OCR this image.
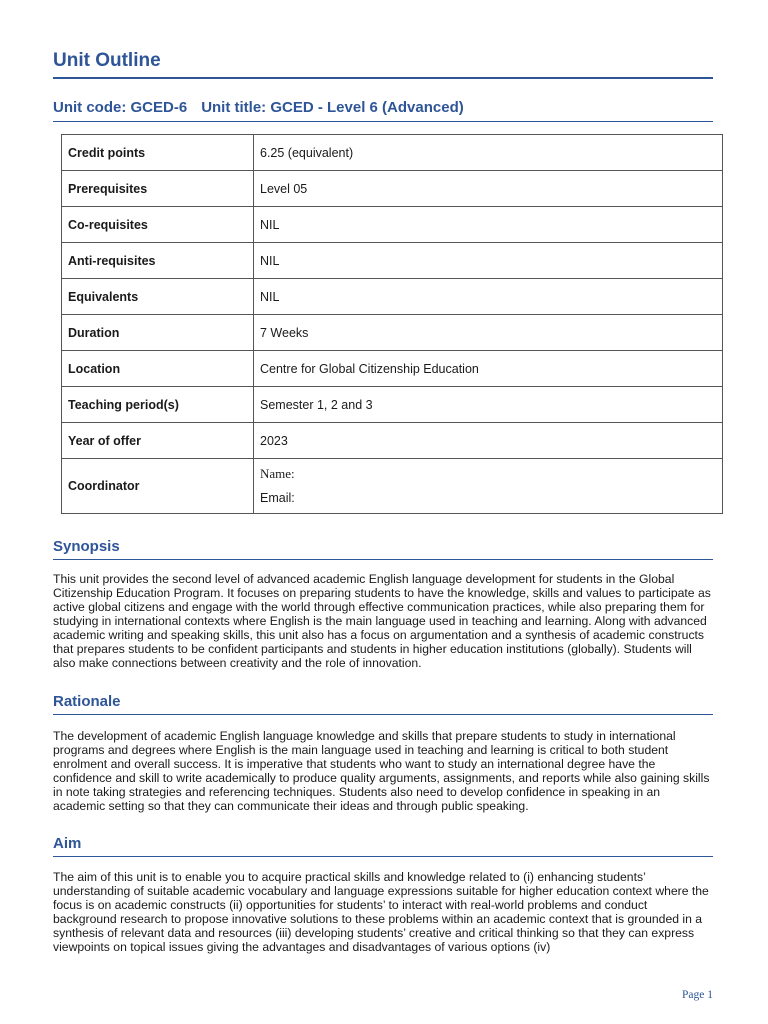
Unit Outline
Unit code: GCED-6 Unit title: GCED - Level 6 (Advanced)
Credit points	6.25 (equivalent)
Prerequisites	Level 05
Co-requisites	NIL
Anti-requisites	NIL
Equivalents	NIL
Duration	7 Weeks
Location	Centre for Global Citizenship Education
Teaching period(s)	Semester 1, 2 and 3
Year of offer	2023
Coordinator	Name:
Email:
Synopsis

This unit provides the second level of advanced academic English language development for students in the Global Citizenship Education Program. It focuses on preparing students to have the knowledge, skills and values to participate as active global citizens and engage with the world through effective communication practices, while also preparing them for studying in international contexts where English is the main language used in teaching and learning. Along with advanced academic writing and speaking skills, this unit also has a focus on argumentation and a synthesis of academic constructs that prepares students to be confident participants and students in higher education institutions (globally). Students will also make connections between creativity and the role of innovation.

Rationale

The development of academic English language knowledge and skills that prepare students to study in international programs and degrees where English is the main language used in teaching and learning is critical to both student enrolment and overall success. It is imperative that students who want to study an international degree have the confidence and skill to write academically to produce quality arguments, assignments, and reports while also gaining skills in note taking strategies and referencing techniques. Students also need to develop confidence in speaking in an academic setting so that they can communicate their ideas and through public speaking.

Aim

The aim of this unit is to enable you to acquire practical skills and knowledge related to (i) enhancing students’ understanding of suitable academic vocabulary and language expressions suitable for higher education context where the focus is on academic constructs (ii) opportunities for students’ to interact with real-world problems and conduct background research to propose innovative solutions to these problems within an academic context that is grounded in a synthesis of relevant data and resources (iii) developing students’ creative and critical thinking so that they can express viewpoints on topical issues giving the advantages and disadvantages of various options (iv)

Page 1
